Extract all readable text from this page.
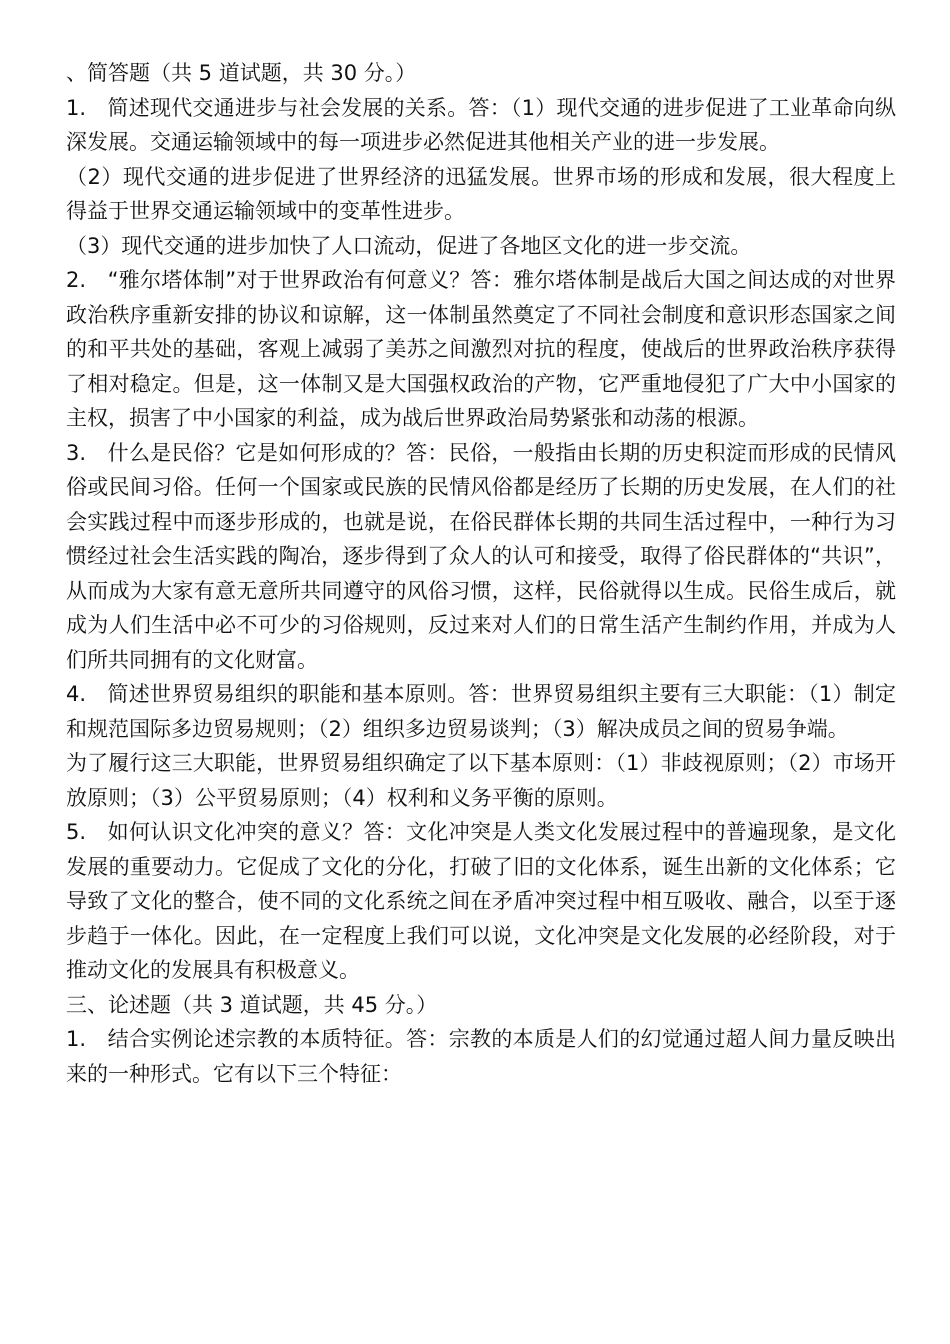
、简答题（共 5 道试题，共 30 分。）

1.　简述现代交通进步与社会发展的关系。答：（1）现代交通的进步促进了工业革命向纵深发展。交通运输领域中的每一项进步必然促进其他相关产业的进一步发展。

（2）现代交通的进步促进了世界经济的迅猛发展。世界市场的形成和发展，很大程度上得益于世界交通运输领域中的变革性进步。

（3）现代交通的进步加快了人口流动，促进了各地区文化的进一步交流。

2.　“雅尔塔体制”对于世界政治有何意义？答：雅尔塔体制是战后大国之间达成的对世界政治秩序重新安排的协议和谅解，这一体制虽然奠定了不同社会制度和意识形态国家之间的和平共处的基础，客观上减弱了美苏之间激烈对抗的程度，使战后的世界政治秩序获得了相对稳定。但是，这一体制又是大国强权政治的产物，它严重地侵犯了广大中小国家的主权，损害了中小国家的利益，成为战后世界政治局势紧张和动荡的根源。

3.　什么是民俗？它是如何形成的？答：民俗，一般指由长期的历史积淀而形成的民情风俗或民间习俗。任何一个国家或民族的民情风俗都是经历了长期的历史发展，在人们的社会实践过程中而逐步形成的，也就是说，在俗民群体长期的共同生活过程中，一种行为习惯经过社会生活实践的陶冶，逐步得到了众人的认可和接受，取得了俗民群体的“共识”，从而成为大家有意无意所共同遵守的风俗习惯，这样，民俗就得以生成。民俗生成后，就成为人们生活中必不可少的习俗规则，反过来对人们的日常生活产生制约作用，并成为人们所共同拥有的文化财富。

4.　简述世界贸易组织的职能和基本原则。答：世界贸易组织主要有三大职能：（1）制定和规范国际多边贸易规则；（2）组织多边贸易谈判；（3）解决成员之间的贸易争端。

为了履行这三大职能，世界贸易组织确定了以下基本原则：（1）非歧视原则；（2）市场开放原则；（3）公平贸易原则；（4）权利和义务平衡的原则。

5.　如何认识文化冲突的意义？答：文化冲突是人类文化发展过程中的普遍现象，是文化发展的重要动力。它促成了文化的分化，打破了旧的文化体系，诞生出新的文化体系；它导致了文化的整合，使不同的文化系统之间在矛盾冲突过程中相互吸收、融合，以至于逐步趋于一体化。因此，在一定程度上我们可以说，文化冲突是文化发展的必经阶段，对于推动文化的发展具有积极意义。

三、论述题（共 3 道试题，共 45 分。）

1.　结合实例论述宗教的本质特征。答：宗教的本质是人们的幻觉通过超人间力量反映出来的一种形式。它有以下三个特征：
